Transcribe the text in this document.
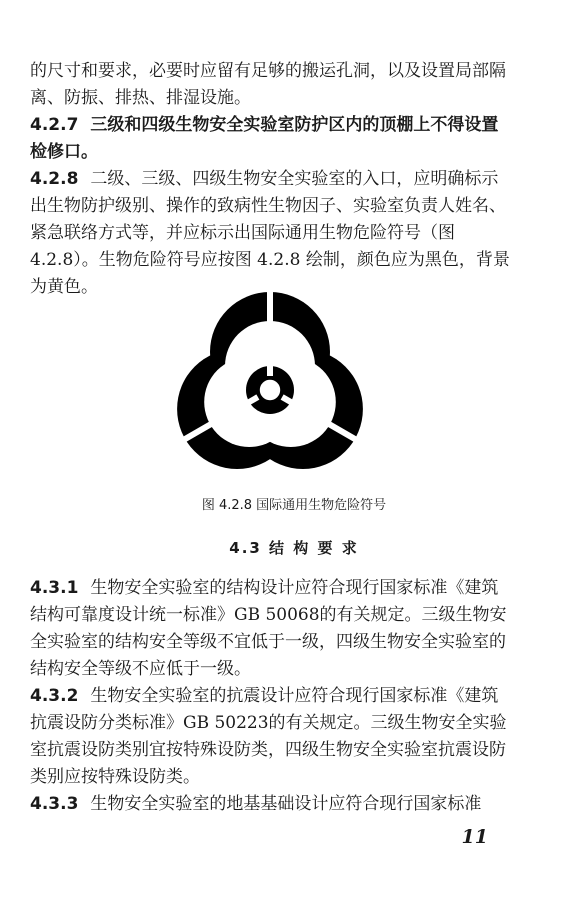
的尺寸和要求，必要时应留有足够的搬运孔洞，以及设置局部隔
离、防振、排热、排湿设施。
4.2.7 三级和四级生物安全实验室防护区内的顶棚上不得设置
检修口。
4.2.8 二级、三级、四级生物安全实验室的入口，应明确标示
出生物防护级别、操作的致病性生物因子、实验室负责人姓名、
紧急联络方式等，并应标示出国际通用生物危险符号（图
4.2.8）。生物危险符号应按图 4.2.8 绘制，颜色应为黑色，背景
为黄色。
图 4.2.8 国际通用生物危险符号
4.3 结 构 要 求
4.3.1 生物安全实验室的结构设计应符合现行国家标准《建筑
结构可靠度设计统一标准》GB 50068的有关规定。三级生物安
全实验室的结构安全等级不宜低于一级，四级生物安全实验室的
结构安全等级不应低于一级。
4.3.2 生物安全实验室的抗震设计应符合现行国家标准《建筑
抗震设防分类标准》GB 50223的有关规定。三级生物安全实验
室抗震设防类别宜按特殊设防类，四级生物安全实验室抗震设防
类别应按特殊设防类。
4.3.3 生物安全实验室的地基基础设计应符合现行国家标准
11
